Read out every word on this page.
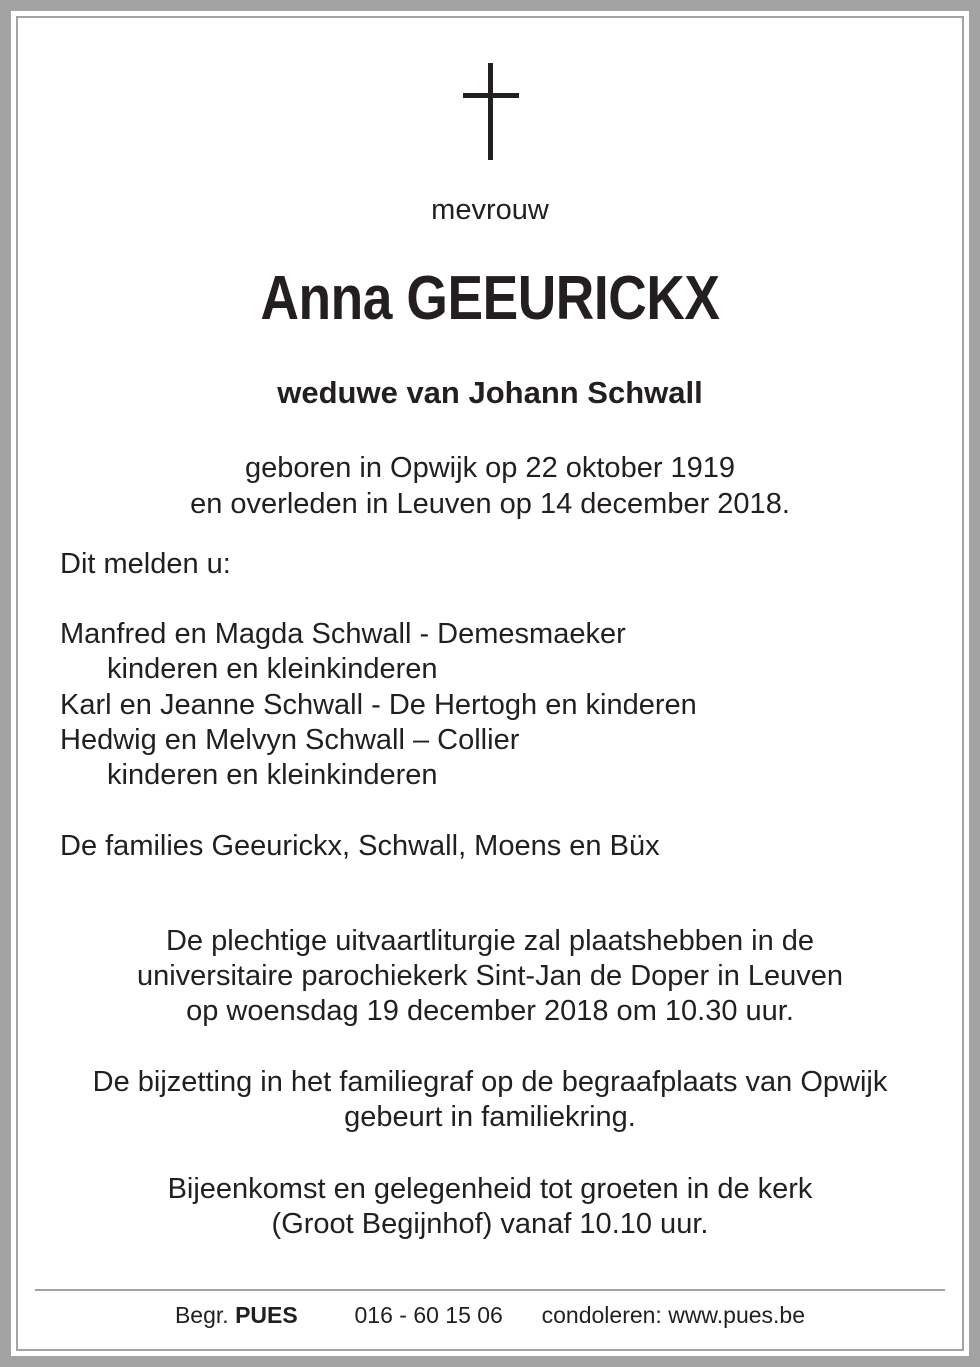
mevrouw
Anna GEEURICKX
weduwe van Johann Schwall
geboren in Opwijk op 22 oktober 1919
en overleden in Leuven op 14 december 2018.
Dit melden u:
Manfred en Magda Schwall - Demesmaeker
kinderen en kleinkinderen
Karl en Jeanne Schwall - De Hertogh en kinderen
Hedwig en Melvyn Schwall – Collier
kinderen en kleinkinderen
De families Geeurickx, Schwall, Moens en Büx
De plechtige uitvaartliturgie zal plaatshebben in de
universitaire parochiekerk Sint-Jan de Doper in Leuven
op woensdag 19 december 2018 om 10.30 uur.
De bijzetting in het familiegraf op de begraafplaats van Opwijk
gebeurt in familiekring.
Bijeenkomst en gelegenheid tot groeten in de kerk
(Groot Begijnhof) vanaf 10.10 uur.
Begr. PUES 016 - 60 15 06 condoleren: www.pues.be
